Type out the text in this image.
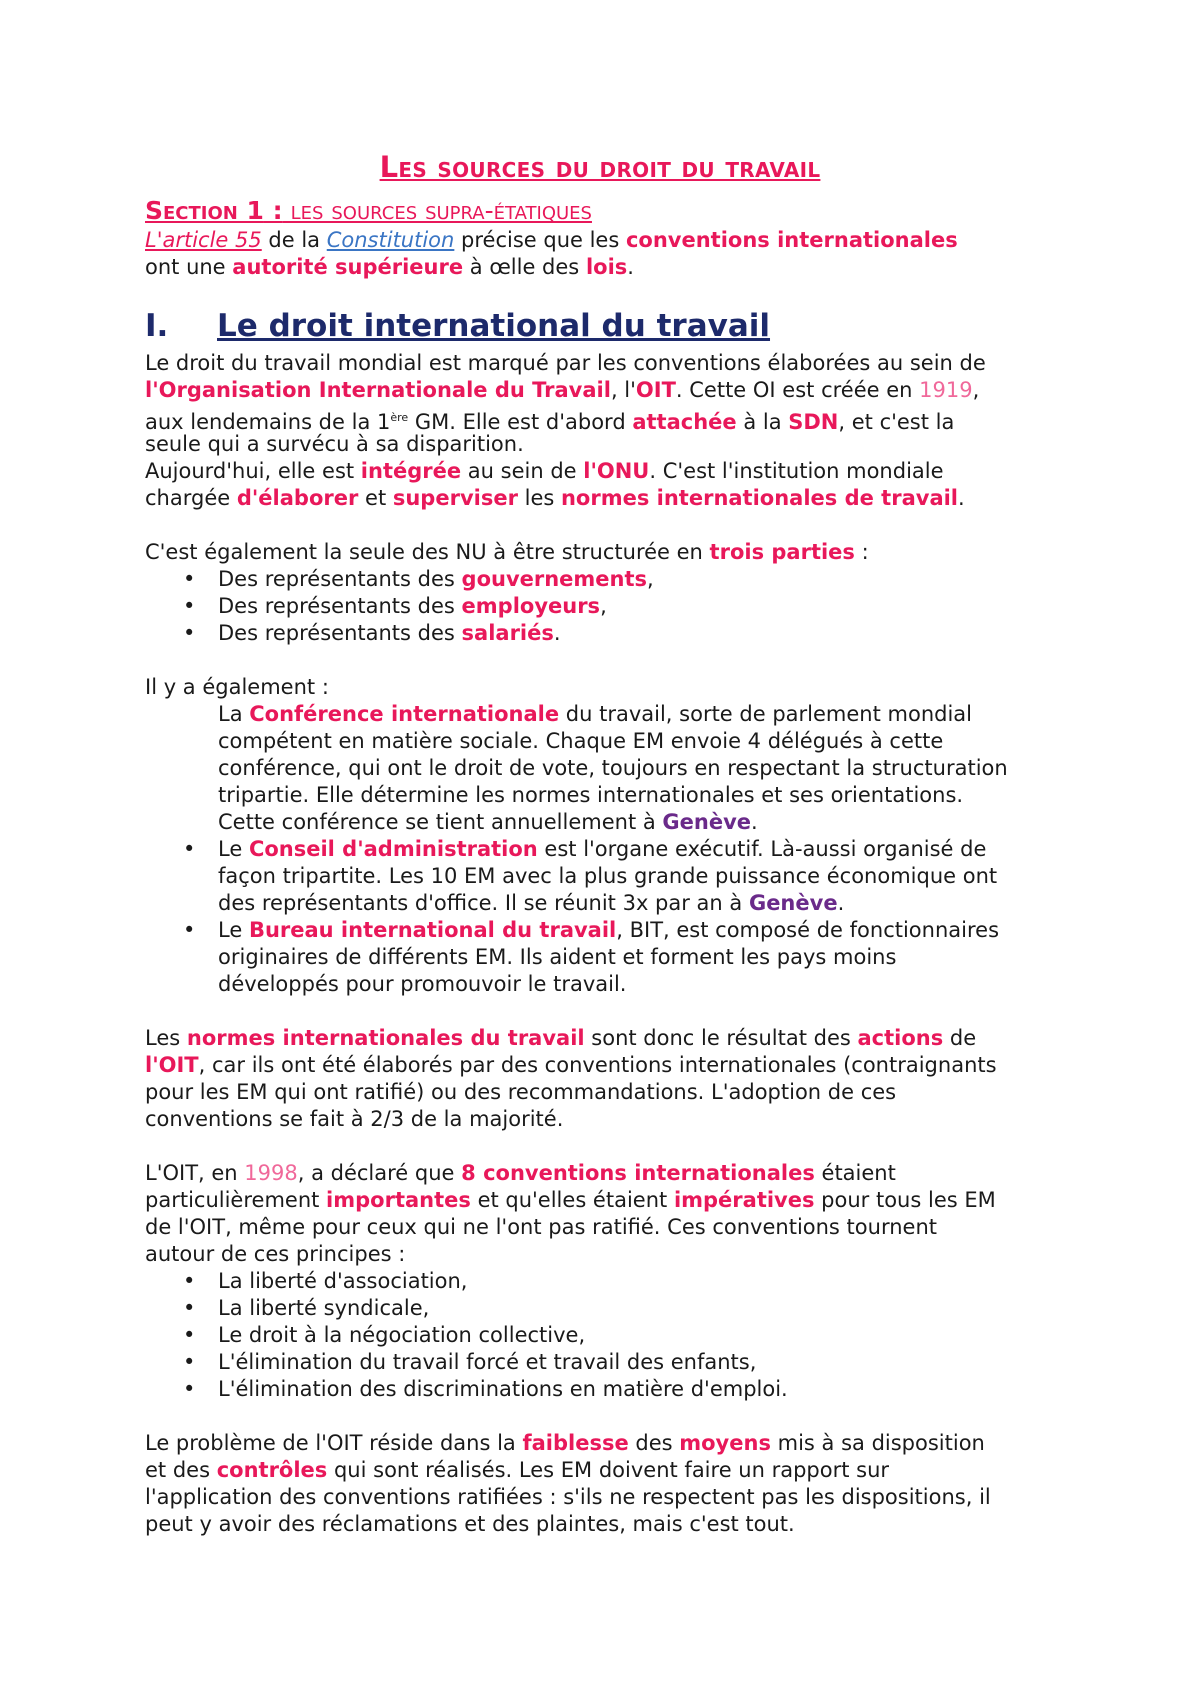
Les sources du droit du travail
Section 1 : les sources supra-étatiques
L'article 55 de la Constitution précise que les conventions internationales
ont une autorité supérieure à œlle des lois.
I. Le droit international du travail
Le droit du travail mondial est marqué par les conventions élaborées au sein de
l'Organisation Internationale du Travail, l'OIT. Cette OI est créée en 1919,
aux lendemains de la 1ère GM. Elle est d'abord attachée à la SDN, et c'est la
seule qui a survécu à sa disparition.
Aujourd'hui, elle est intégrée au sein de l'ONU. C'est l'institution mondiale
chargée d'élaborer et superviser les normes internationales de travail.
C'est également la seule des NU à être structurée en trois parties :
• Des représentants des gouvernements,
• Des représentants des employeurs,
• Des représentants des salariés.
Il y a également :
La Conférence internationale du travail, sorte de parlement mondial
compétent en matière sociale. Chaque EM envoie 4 délégués à cette
conférence, qui ont le droit de vote, toujours en respectant la structuration
tripartie. Elle détermine les normes internationales et ses orientations.
Cette conférence se tient annuellement à Genève.
•	Le Conseil d'administration est l'organe exécutif. Là-aussi organisé de
façon tripartite. Les 10 EM avec la plus grande puissance économique ont
des représentants d'office. Il se réunit 3x par an à Genève.
•	Le Bureau international du travail, BIT, est composé de fonctionnaires
originaires de différents EM. Ils aident et forment les pays moins
développés pour promouvoir le travail.
Les normes internationales du travail sont donc le résultat des actions de
l'OIT, car ils ont été élaborés par des conventions internationales (contraignants
pour les EM qui ont ratifié) ou des recommandations. L'adoption de ces
conventions se fait à 2/3 de la majorité.
L'OIT, en 1998, a déclaré que 8 conventions internationales étaient
particulièrement importantes et qu'elles étaient impératives pour tous les EM
de l'OIT, même pour ceux qui ne l'ont pas ratifié. Ces conventions tournent
autour de ces principes :
• La liberté d'association,
• La liberté syndicale,
• Le droit à la négociation collective,
• L'élimination du travail forcé et travail des enfants,
• L'élimination des discriminations en matière d'emploi.
Le problème de l'OIT réside dans la faiblesse des moyens mis à sa disposition
et des contrôles qui sont réalisés. Les EM doivent faire un rapport sur
l'application des conventions ratifiées : s'ils ne respectent pas les dispositions, il
peut y avoir des réclamations et des plaintes, mais c'est tout.
